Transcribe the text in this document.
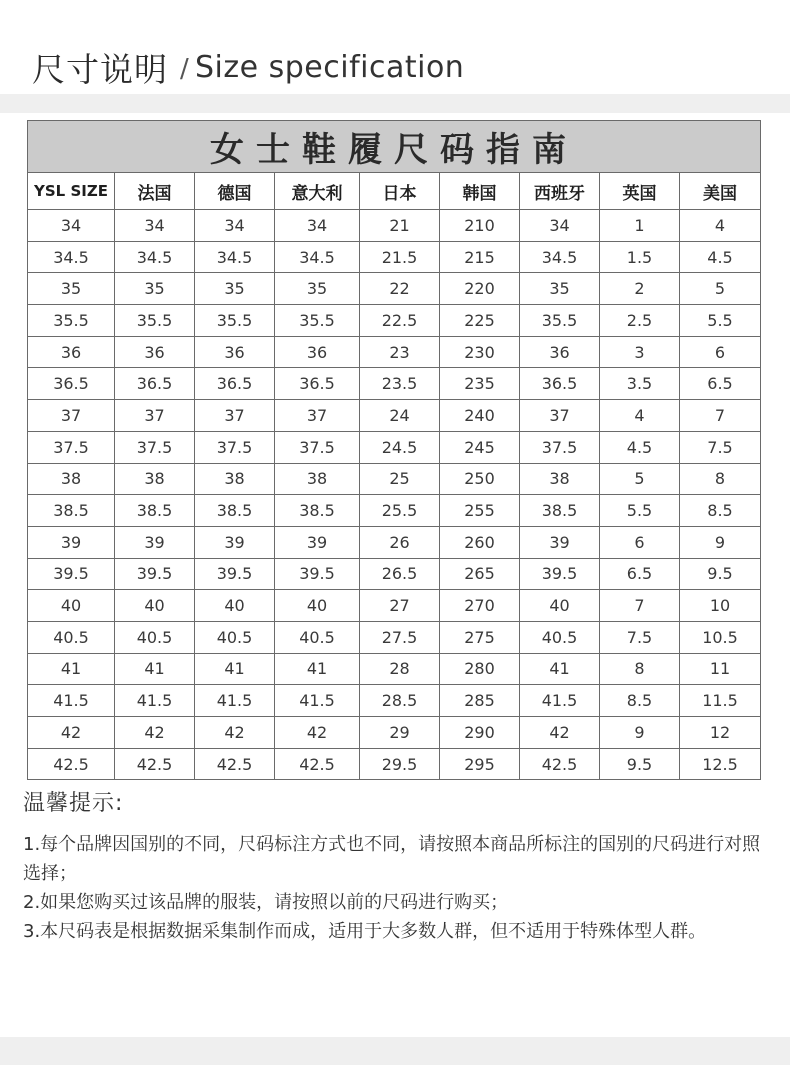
尺寸说明 / Size specification
女士鞋履尺码指南								
YSL SIZE	法国	德国	意大利	日本	韩国	西班牙	英国	美国
34	34	34	34	21	210	34	1	4
34.5	34.5	34.5	34.5	21.5	215	34.5	1.5	4.5
35	35	35	35	22	220	35	2	5
35.5	35.5	35.5	35.5	22.5	225	35.5	2.5	5.5
36	36	36	36	23	230	36	3	6
36.5	36.5	36.5	36.5	23.5	235	36.5	3.5	6.5
37	37	37	37	24	240	37	4	7
37.5	37.5	37.5	37.5	24.5	245	37.5	4.5	7.5
38	38	38	38	25	250	38	5	8
38.5	38.5	38.5	38.5	25.5	255	38.5	5.5	8.5
39	39	39	39	26	260	39	6	9
39.5	39.5	39.5	39.5	26.5	265	39.5	6.5	9.5
40	40	40	40	27	270	40	7	10
40.5	40.5	40.5	40.5	27.5	275	40.5	7.5	10.5
41	41	41	41	28	280	41	8	11
41.5	41.5	41.5	41.5	28.5	285	41.5	8.5	11.5
42	42	42	42	29	290	42	9	12
42.5	42.5	42.5	42.5	29.5	295	42.5	9.5	12.5
温馨提示:

1.每个品牌因国别的不同，尺码标注方式也不同，请按照本商品所标注的国别的尺码进行对照选择；

2.如果您购买过该品牌的服装，请按照以前的尺码进行购买；

3.本尺码表是根据数据采集制作而成，适用于大多数人群，但不适用于特殊体型人群。
